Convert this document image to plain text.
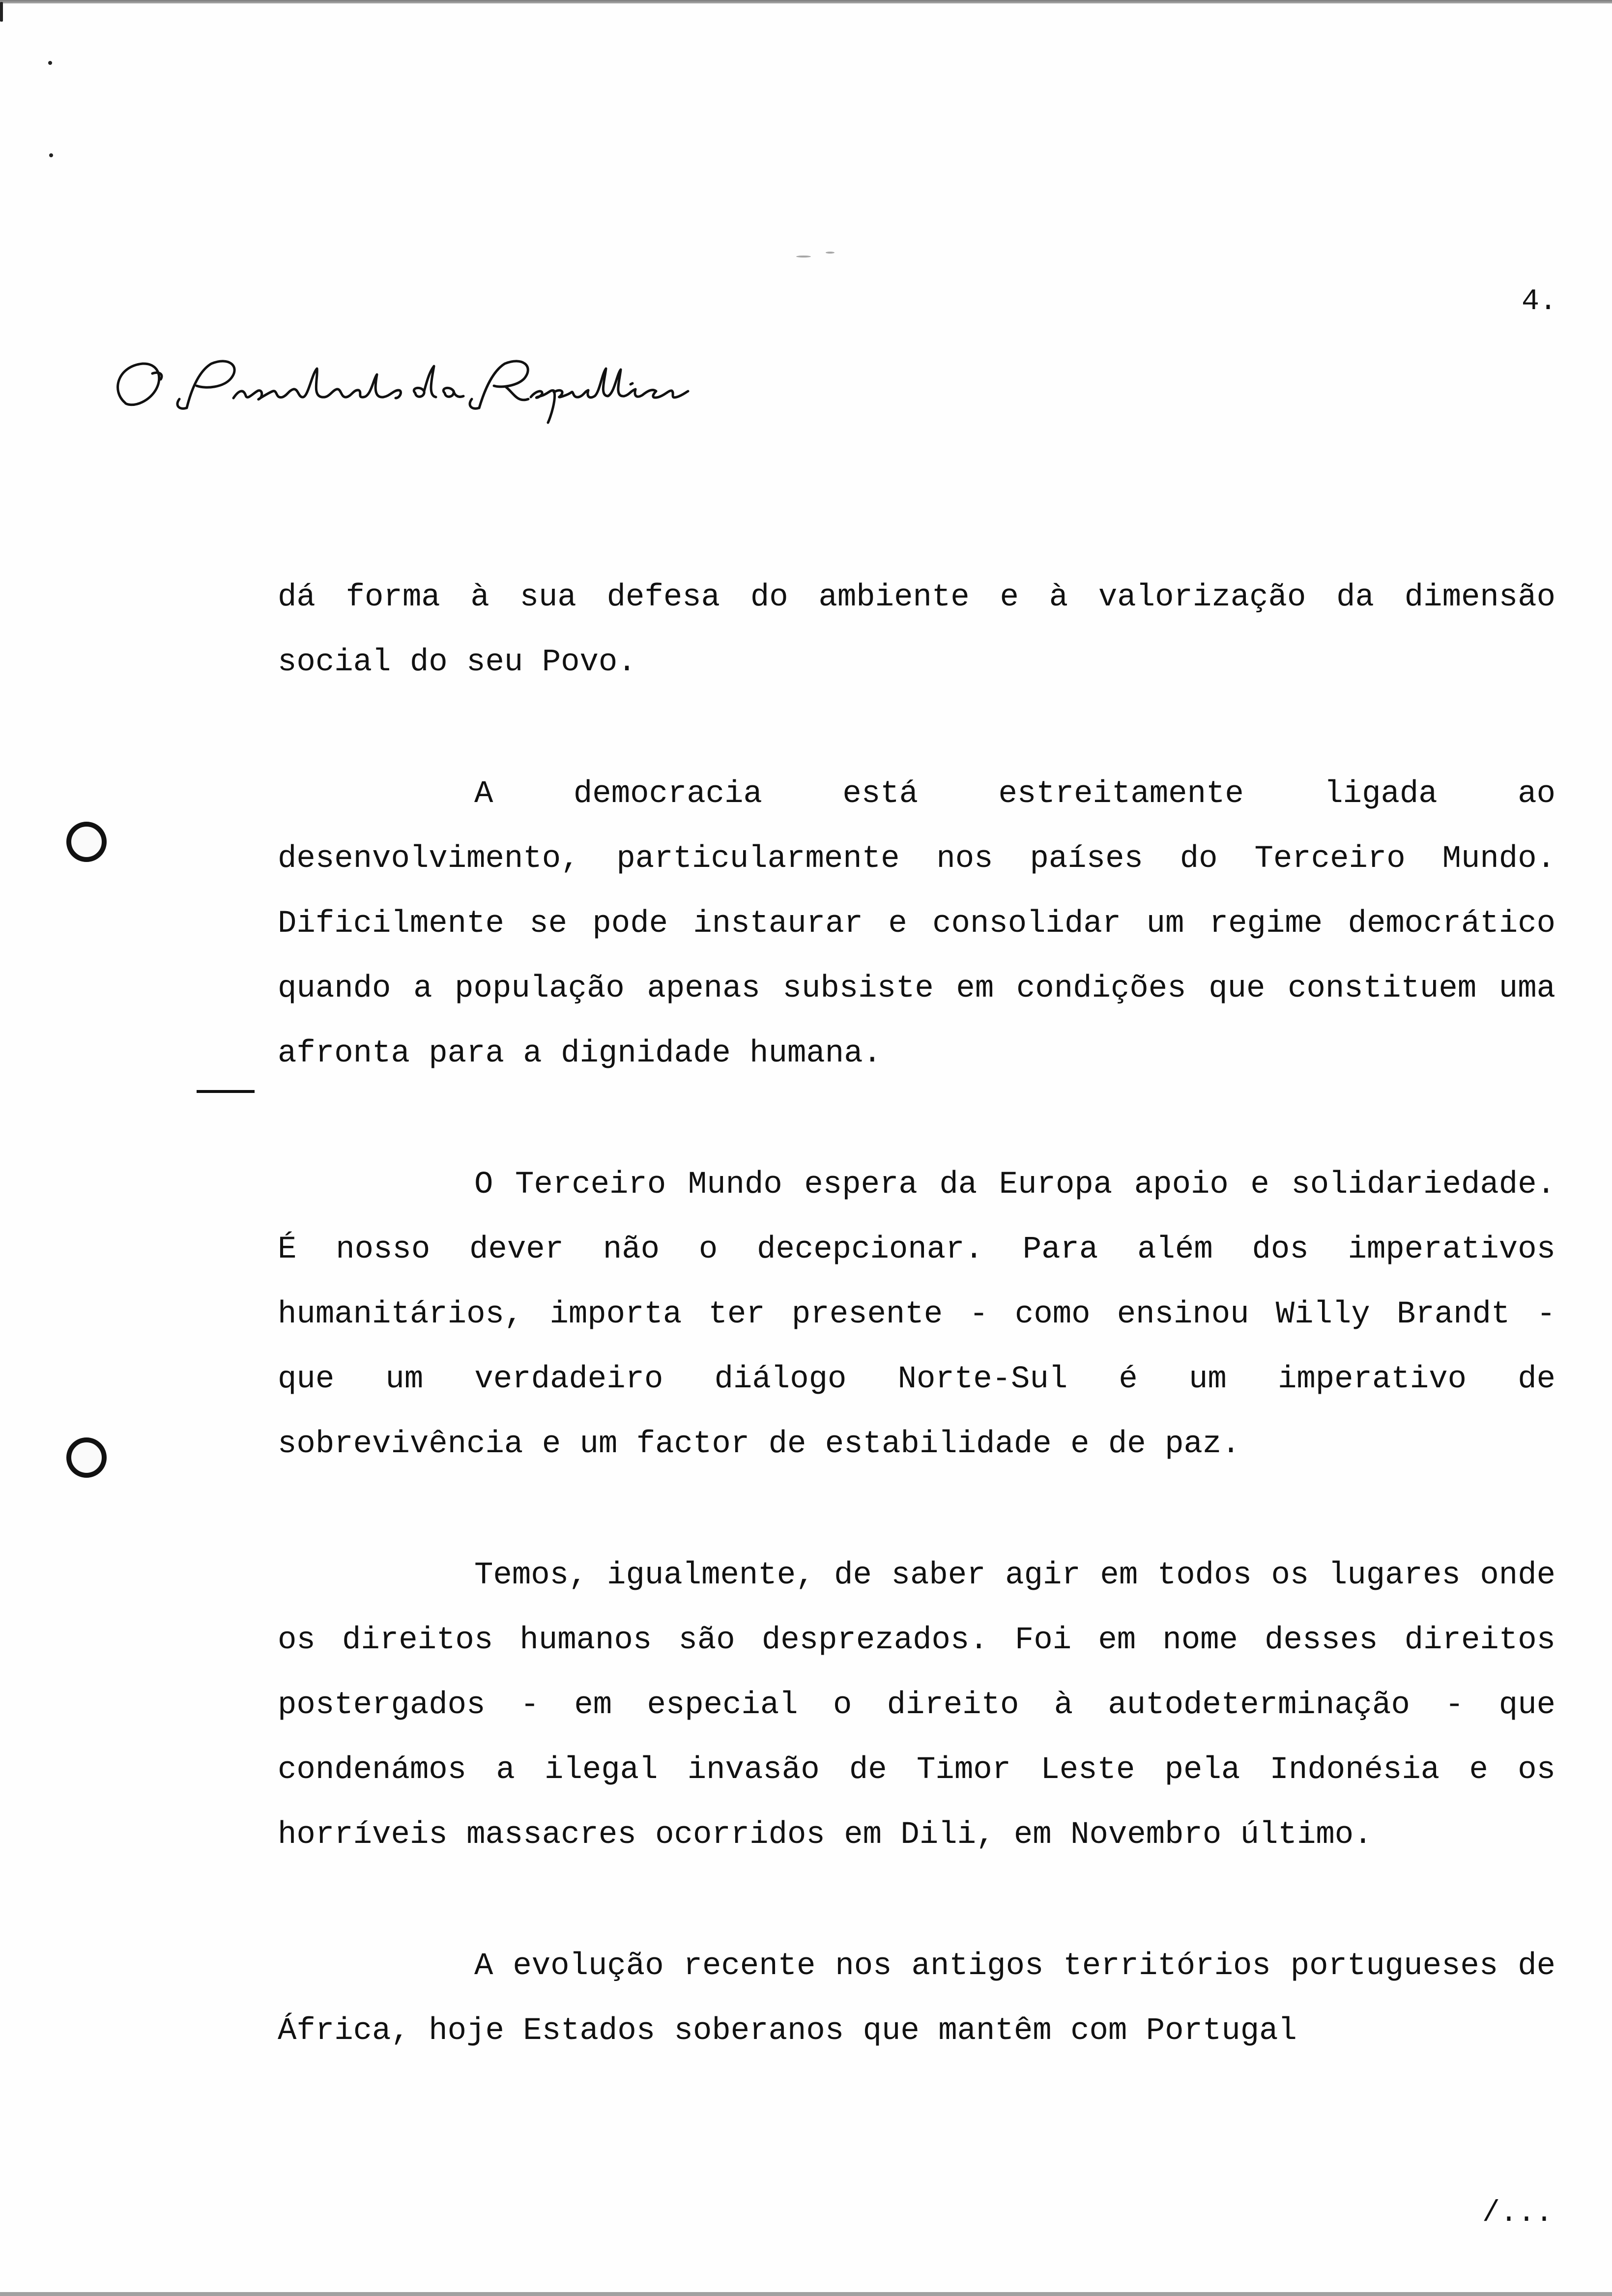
4.
O Presidente da República

dá forma à sua defesa do ambiente e à valorização da dimensão social do seu Povo.

A democracia está estreitamente ligada ao desenvolvimento, particularmente nos países do Terceiro Mundo. Dificilmente se pode instaurar e consolidar um regime democrático quando a população apenas subsiste em condições que constituem uma afronta para a dignidade humana.

O Terceiro Mundo espera da Europa apoio e solidariedade. É nosso dever não o decepcionar. Para além dos imperativos humanitários, importa ter presente - como ensinou Willy Brandt - que um verdadeiro diálogo Norte-Sul é um imperativo de sobrevivência e um factor de estabilidade e de paz.

Temos, igualmente, de saber agir em todos os lugares onde os direitos humanos são desprezados. Foi em nome desses direitos postergados - em especial o direito à autodeterminação - que condenámos a ilegal invasão de Timor Leste pela Indonésia e os horríveis massacres ocorridos em Dili, em Novembro último.

A evolução recente nos antigos territórios portugueses de África, hoje Estados soberanos que mantêm com Portugal

/...
